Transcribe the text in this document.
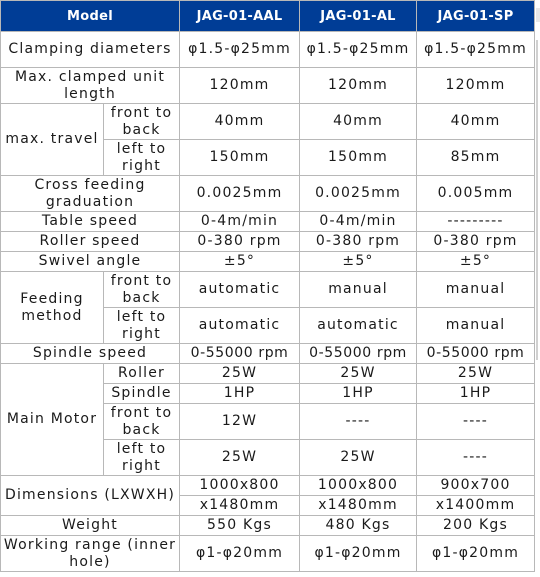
Model		JAG-01-AAL	JAG-01-AL	JAG-01-SP
Clamping diameters		φ1.5-φ25mm	φ1.5-φ25mm	φ1.5-φ25mm
Max. clamped unit length		120mm	120mm	120mm
max. travel	front to back	40mm	40mm	40mm
	left to right	150mm	150mm	85mm
Cross feeding graduation		0.0025mm	0.0025mm	0.005mm
Table speed		0-4m/min	0-4m/min	---------
Roller speed		0-380 rpm	0-380 rpm	0-380 rpm
Swivel angle		±5°	±5°	±5°
Feeding method	front to back	automatic	manual	manual
	left to right	automatic	automatic	manual
Spindle speed		0-55000 rpm	0-55000 rpm	0-55000 rpm
Main Motor	Roller	25W	25W	25W
	Spindle	1HP	1HP	1HP
	front to back	12W	----	----
	left to right	25W	25W	----
Dimensions (LXWXH)		1000x800	1000x800	900x700
		x1480mm	x1480mm	x1400mm
Weight		550 Kgs	480 Kgs	200 Kgs
Working range (inner hole)		φ1-φ20mm	φ1-φ20mm	φ1-φ20mm
